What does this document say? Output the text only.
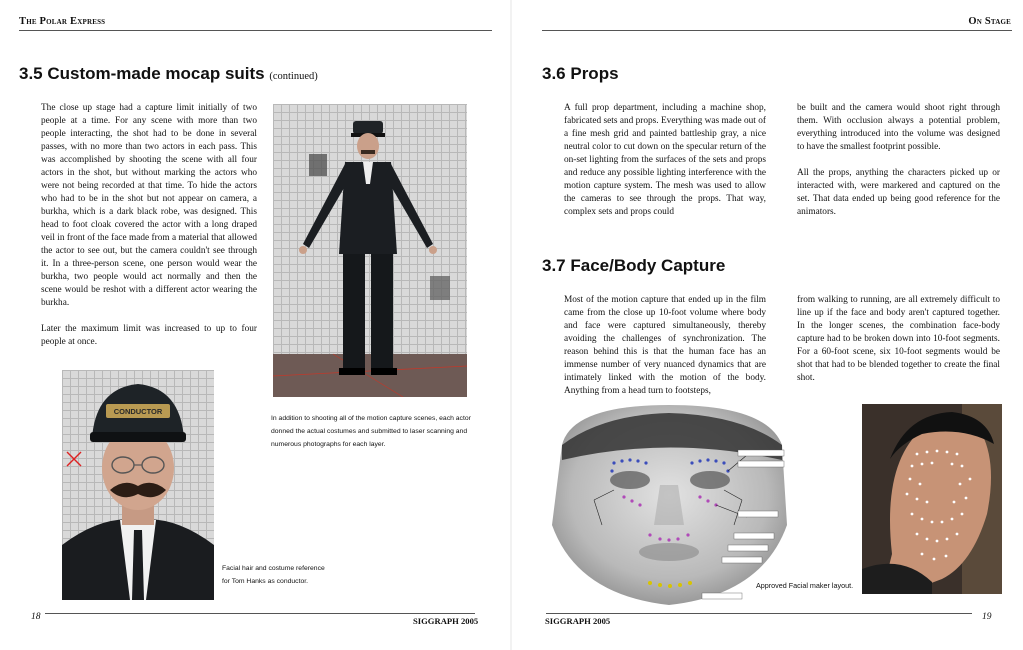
The Polar Express
3.5 Custom-made mocap suits (continued)

The close up stage had a capture limit initially of two people at a time. For any scene with more than two people interacting, the shot had to be done in several passes, with no more than two actors in each pass. This was accomplished by shooting the scene with all four actors in the shot, but without marking the actors who were not being recorded at that time. To hide the actors who had to be in the shot but not appear on camera, a burkha, which is a dark black robe, was designed. This head to foot cloak covered the actor with a long draped veil in front of the face made from a material that allowed the actor to see out, but the camera couldn't see through it. In a three-person scene, one person would wear the burkha, two people would act normally and then the scene would be reshot with a different actor wearing the burkha.

Later the maximum limit was increased to up to four people at once.

In addition to shooting all of the motion capture scenes, each actor donned the actual costumes and submitted to laser scanning and numerous photographs for each layer.
CONDUCTOR
Facial hair and costume reference for Tom Hanks as conductor.
18	SIGGRAPH 2005
On Stage
3.6 Props
A full prop department, including a machine shop, fabricated sets and props. Everything was made out of a fine mesh grid and painted battleship gray, a nice neutral color to cut down on the specular return of the on-set lighting from the surfaces of the sets and props and reduce any possible lighting interference with the motion capture system. The mesh was used to allow the cameras to see through the props. That way, complex sets and props could

be built and the camera would shoot right through them. With occlusion always a potential problem, everything introduced into the volume was designed to have the smallest footprint possible.

All the props, anything the characters picked up or interacted with, were markered and captured on the set. That data ended up being good reference for the animators.

3.7 Face/Body Capture
Most of the motion capture that ended up in the film came from the close up 10-foot volume where body and face were captured simultaneously, thereby avoiding the challenges of synchronization. The reason behind this is that the human face has an immense number of very nuanced dynamics that are intimately linked with the motion of the body. Anything from a head turn to footsteps,
from walking to running, are all extremely difficult to line up if the face and body aren't captured together. In the longer scenes, the combination face-body capture had to be broken down into 10-foot segments. For a 60-foot scene, six 10-foot segments would be shot that had to be blended together to create the final shot.
Approved Facial maker layout.
SIGGRAPH 2005	19
